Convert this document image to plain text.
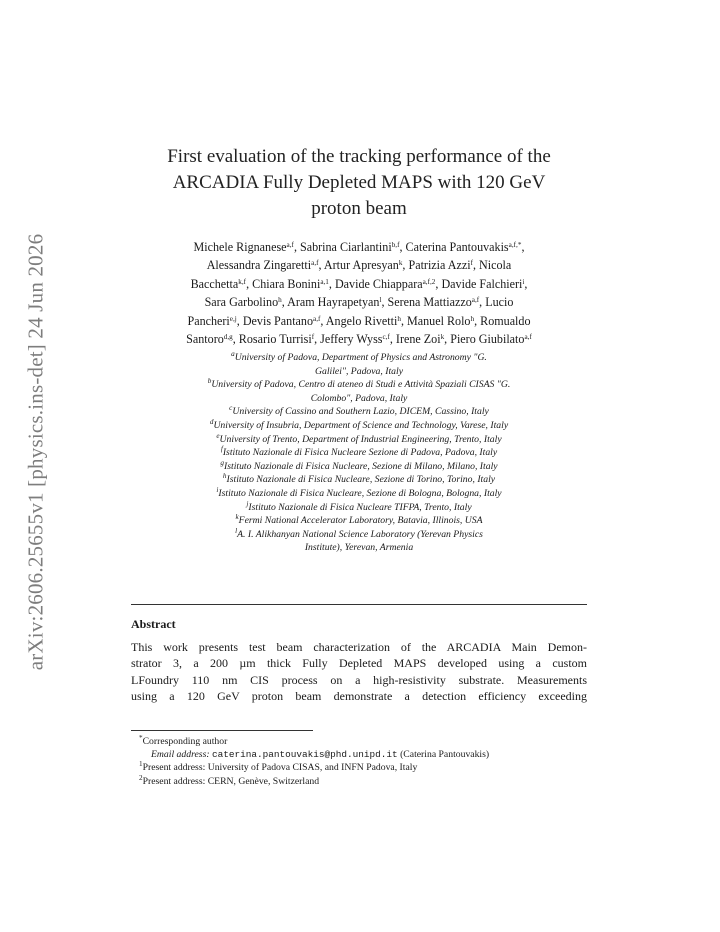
arXiv:2606.25655v1 [physics.ins-det] 24 Jun 2026
First evaluation of the tracking performance of the
ARCADIA Fully Depleted MAPS with 120 GeV
proton beam
Michele Rignanese$^{a,f}$, Sabrina Ciarlantini$^{b,f}$, Caterina Pantouvakis$^{a,f,*}$,
Alessandra Zingaretti$^{a,f}$, Artur Apresyan$^k$, Patrizia Azzi$^f$, Nicola
Bacchetta$^{k,f}$, Chiara Bonini$^{a,1}$, Davide Chiappara$^{a,f,2}$, Davide Falchieri$^i$,
Sara Garbolino$^h$, Aram Hayrapetyan$^l$, Serena Mattiazzo$^{a,f}$, Lucio
Pancheri$^{e,j}$, Devis Pantano$^{a,f}$, Angelo Rivetti$^h$, Manuel Rolo$^h$, Romualdo
Santoro$^{d,g}$, Rosario Turrisi$^f$, Jeffery Wyss$^{c,f}$, Irene Zoi$^k$, Piero Giubilato$^{a,f}$
$^a$University of Padova, Department of Physics and Astronomy "G.
Galilei", Padova, Italy
$^b$University of Padova, Centro di ateneo di Studi e Attività Spaziali CISAS "G.
Colombo", Padova, Italy
$^c$University of Cassino and Southern Lazio, DICEM, Cassino, Italy
$^d$University of Insubria, Department of Science and Technology, Varese, Italy
$^e$University of Trento, Department of Industrial Engineering, Trento, Italy
$^f$Istituto Nazionale di Fisica Nucleare Sezione di Padova, Padova, Italy
$^g$Istituto Nazionale di Fisica Nucleare, Sezione di Milano, Milano, Italy
$^h$Istituto Nazionale di Fisica Nucleare, Sezione di Torino, Torino, Italy
$^i$Istituto Nazionale di Fisica Nucleare, Sezione di Bologna, Bologna, Italy
$^j$Istituto Nazionale di Fisica Nucleare TIFPA, Trento, Italy
$^k$Fermi National Accelerator Laboratory, Batavia, Illinois, USA
$^l$A. I. Alikhanyan National Science Laboratory (Yerevan Physics
Institute), Yerevan, Armenia
Abstract
This work presents test beam characterization of the ARCADIA Main Demon-
strator 3, a 200 µm thick Fully Depleted MAPS developed using a custom
LFoundry 110 nm CIS process on a high-resistivity substrate. Measurements
using a 120 GeV proton beam demonstrate a detection efficiency exceeding
*Corresponding author
Email address: caterina.pantouvakis@phd.unipd.it (Caterina Pantouvakis)
$^1$Present address: University of Padova CISAS, and INFN Padova, Italy
$^2$Present address: CERN, Genève, Switzerland
